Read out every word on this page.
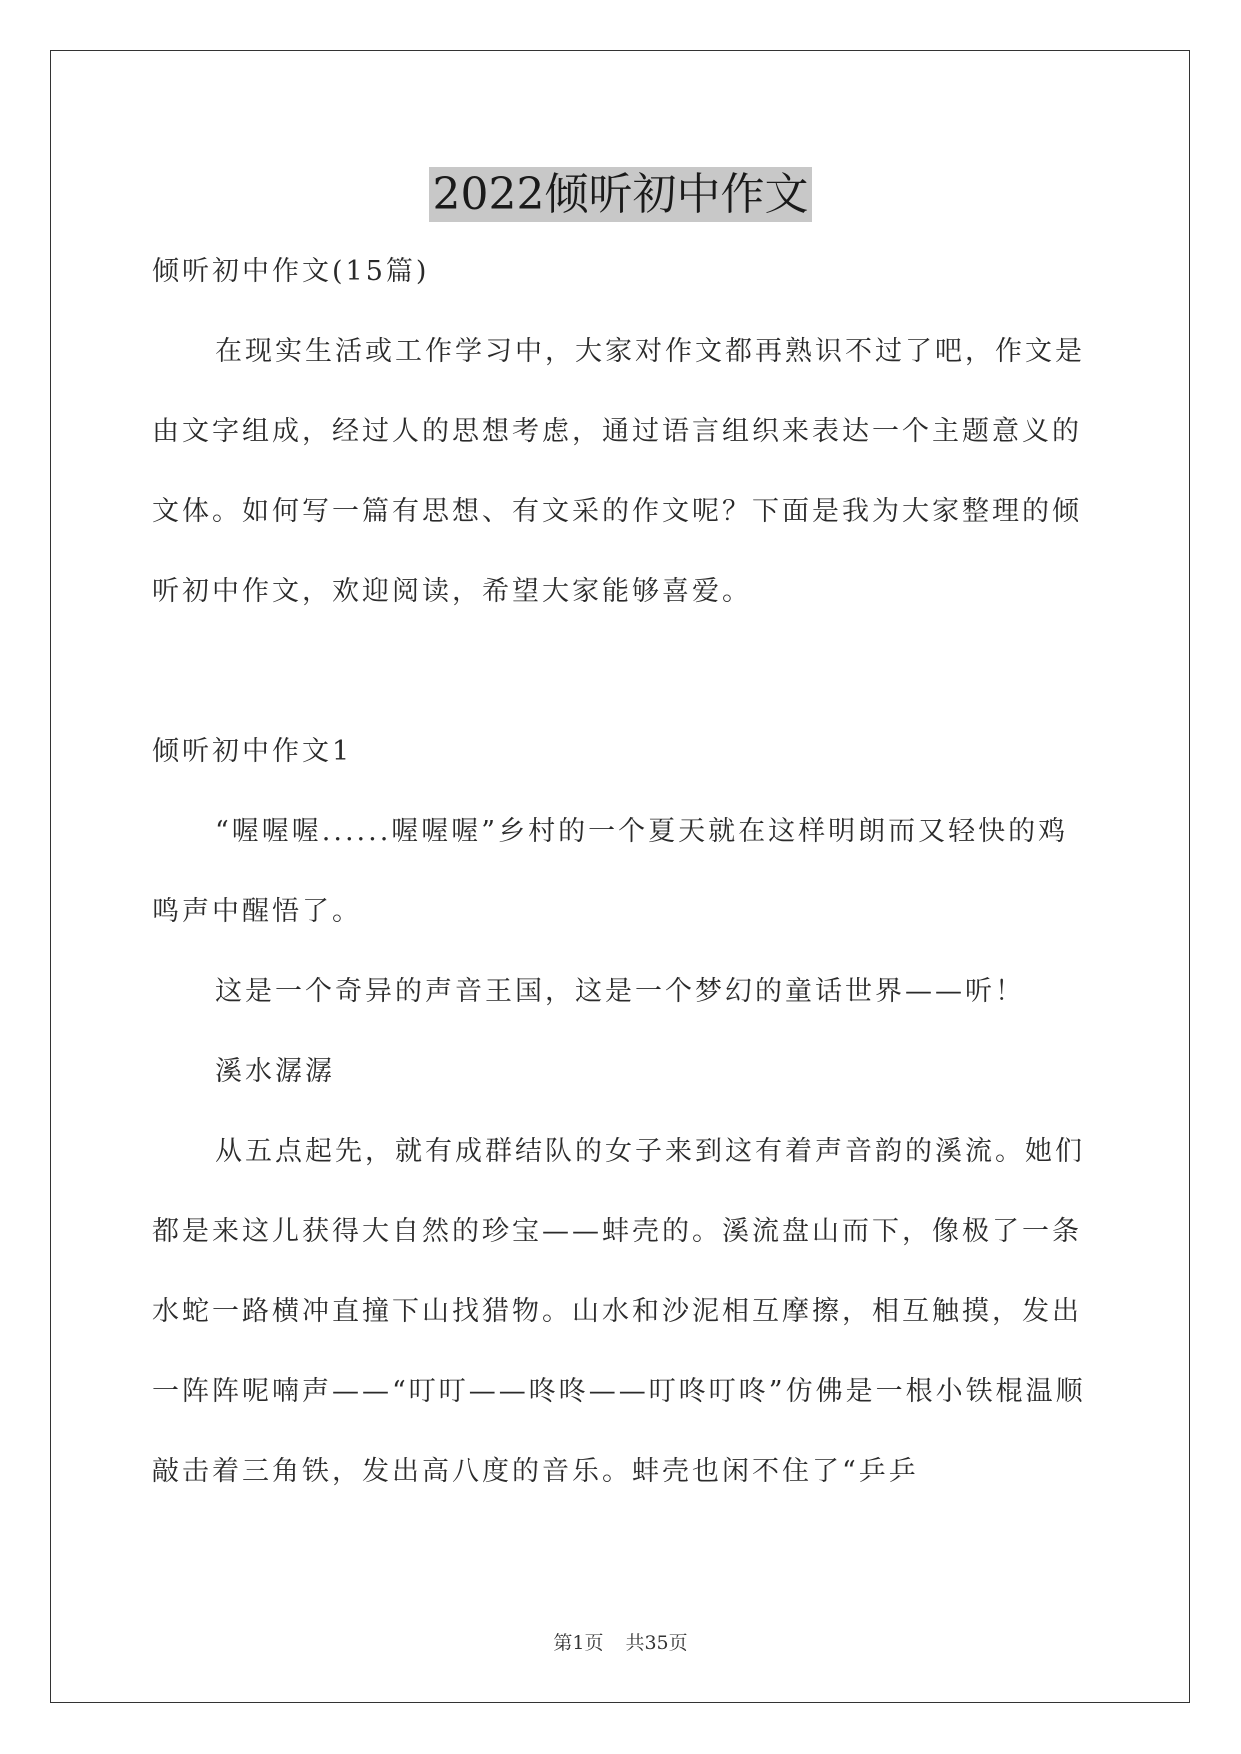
2022倾听初中作文

倾听初中作文(15篇)

在现实生活或工作学习中，大家对作文都再熟识不过了吧，作文是由文字组成，经过人的思想考虑，通过语言组织来表达一个主题意义的文体。如何写一篇有思想、有文采的作文呢？下面是我为大家整理的倾听初中作文，欢迎阅读，希望大家能够喜爱。

倾听初中作文1

“喔喔喔......喔喔喔”乡村的一个夏天就在这样明朗而又轻快的鸡鸣声中醒悟了。

这是一个奇异的声音王国，这是一个梦幻的童话世界——听！

溪水潺潺

从五点起先，就有成群结队的女子来到这有着声音韵的溪流。她们都是来这儿获得大自然的珍宝——蚌壳的。溪流盘山而下，像极了一条水蛇一路横冲直撞下山找猎物。山水和沙泥相互摩擦，相互触摸，发出一阵阵呢喃声——“叮叮——咚咚——叮咚叮咚”仿佛是一根小铁棍温顺敲击着三角铁，发出高八度的音乐。蚌壳也闲不住了“乒乒

第1页 共35页
